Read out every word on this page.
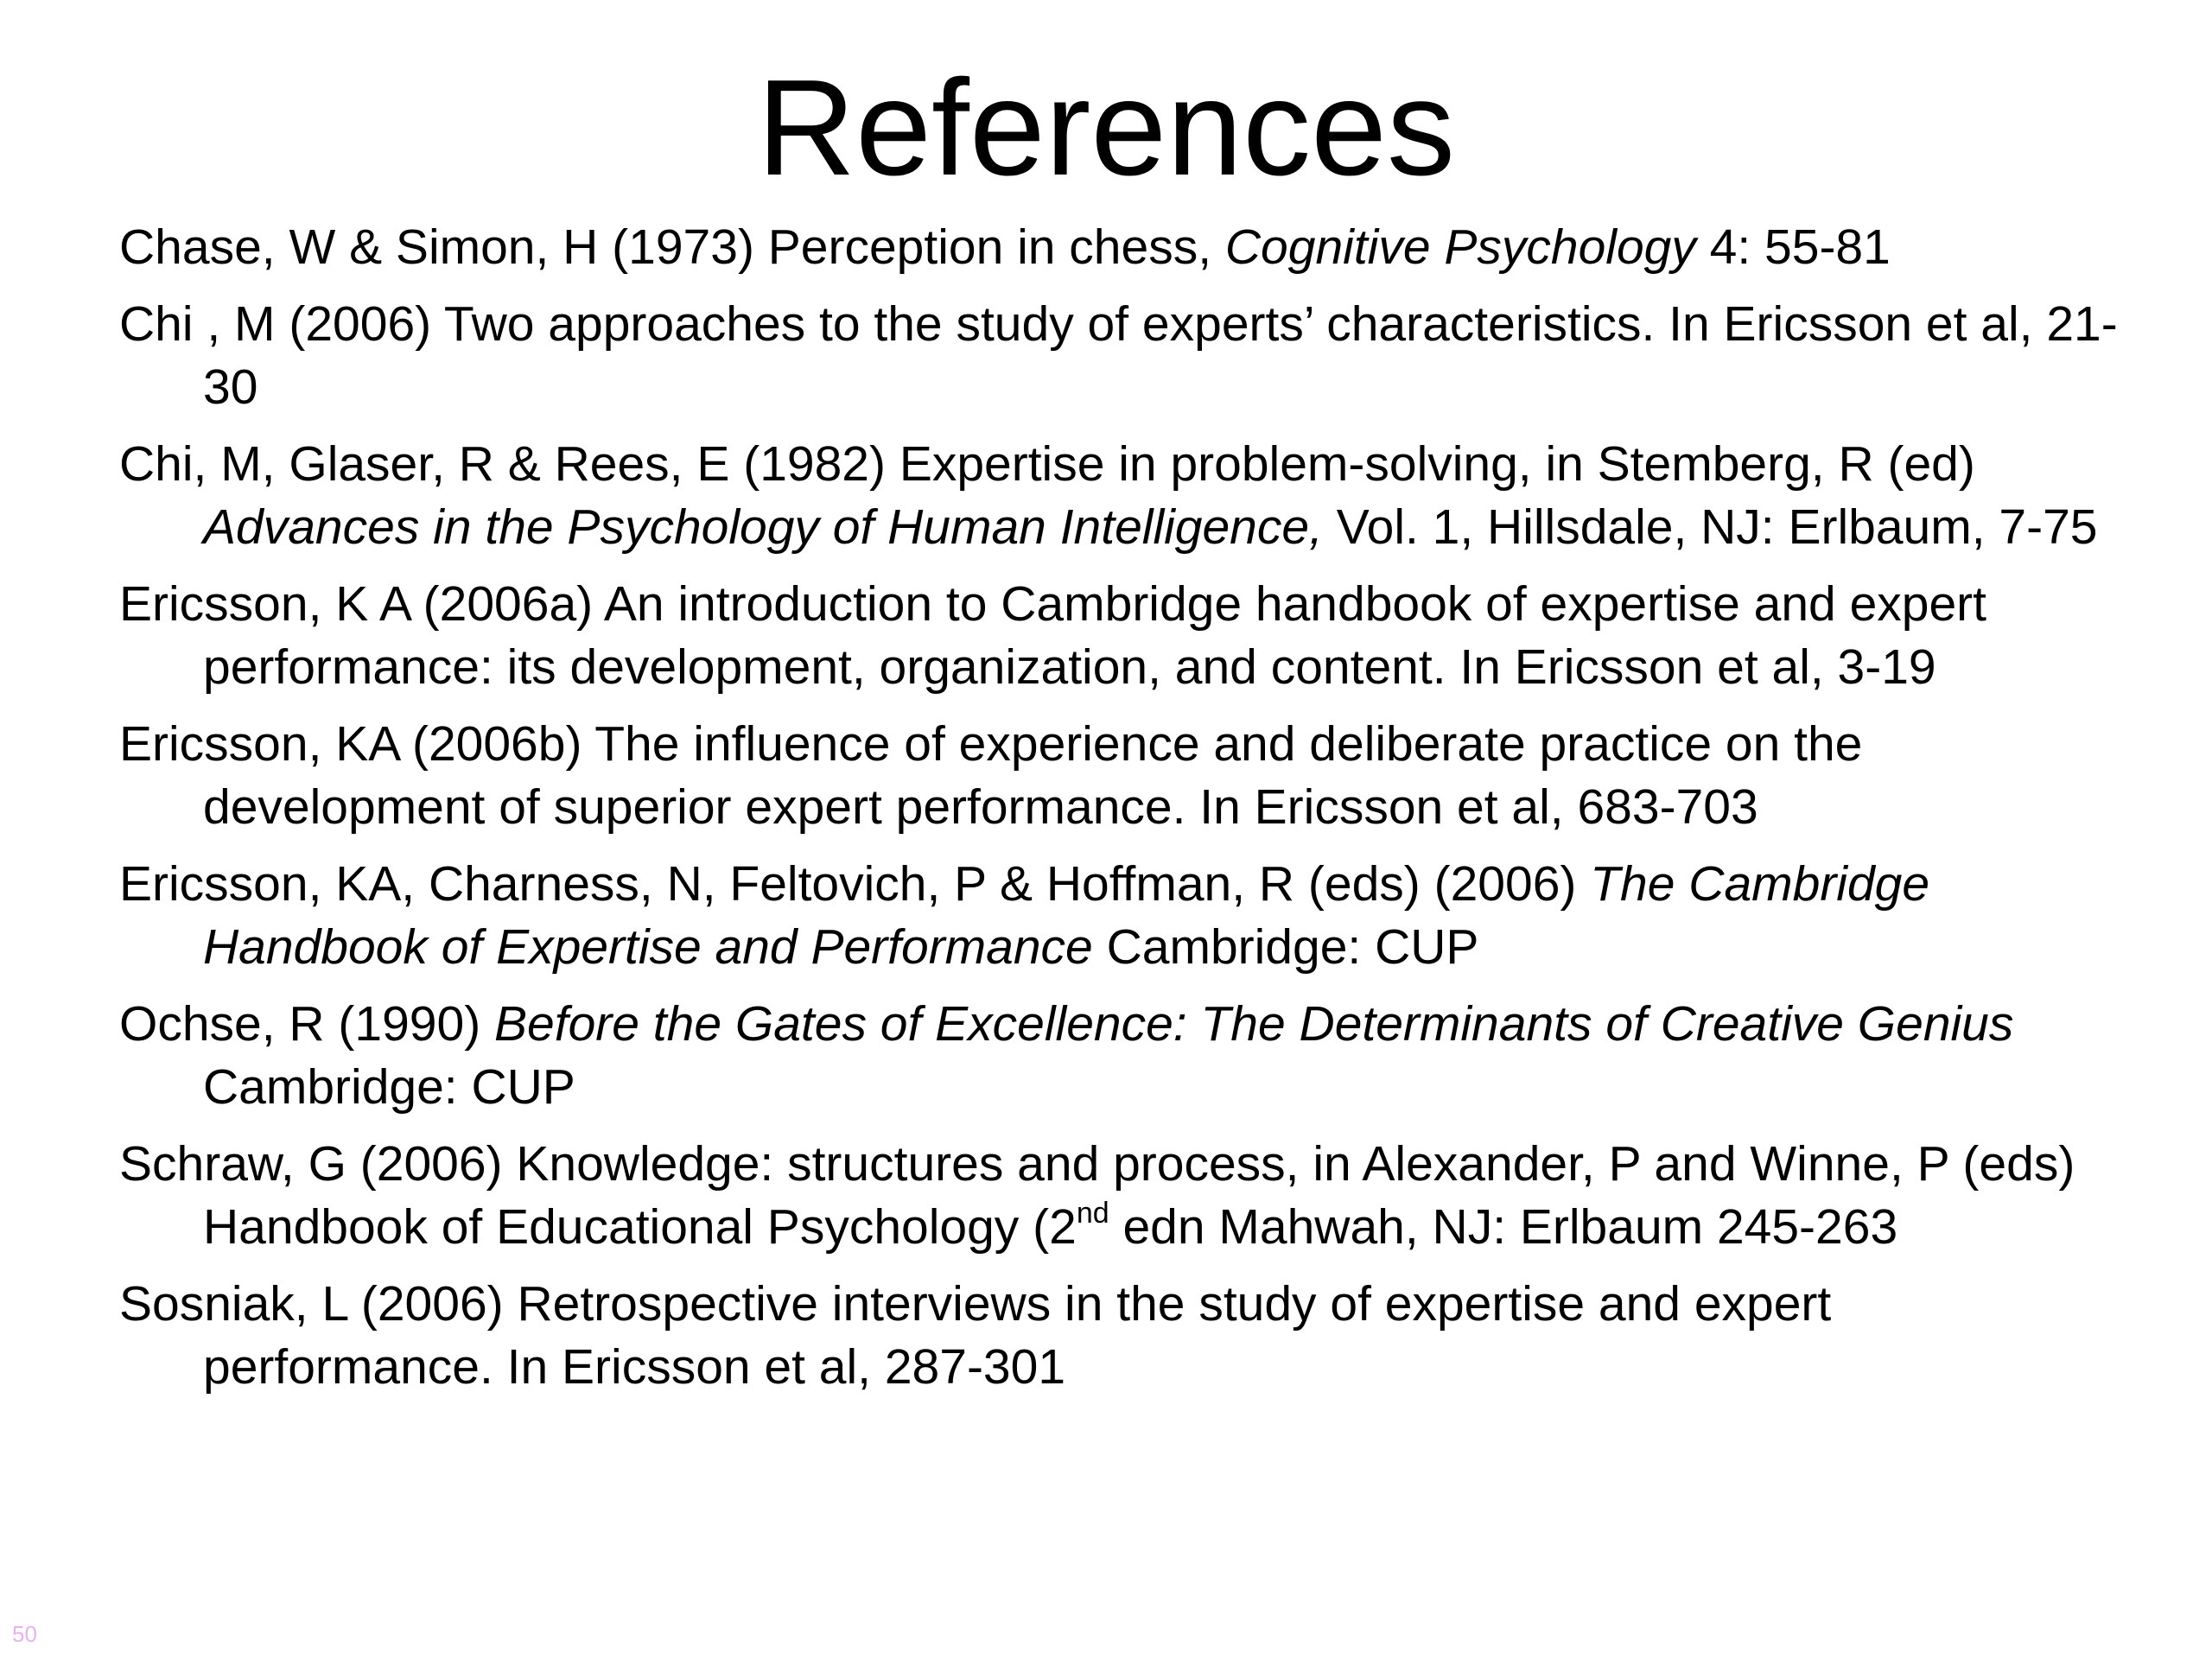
References
Chase, W & Simon, H (1973) Perception in chess, Cognitive Psychology 4: 55-81
Chi , M (2006) Two approaches to the study of experts’ characteristics. In Ericsson et al, 21-30
Chi, M, Glaser, R & Rees, E (1982) Expertise in problem-solving, in Stemberg, R (ed) Advances in the Psychology of Human Intelligence, Vol. 1, Hillsdale, NJ: Erlbaum, 7-75
Ericsson, K A (2006a) An introduction to Cambridge handbook of expertise and expert performance: its development, organization, and content. In Ericsson et al, 3-19
Ericsson, KA (2006b) The influence of experience and deliberate practice on the development of superior expert performance. In Ericsson et al, 683-703
Ericsson, KA, Charness, N, Feltovich, P & Hoffman, R (eds) (2006) The Cambridge Handbook of Expertise and Performance Cambridge: CUP
Ochse, R (1990) Before the Gates of Excellence: The Determinants of Creative Genius Cambridge: CUP
Schraw, G (2006) Knowledge: structures and process, in Alexander, P and Winne, P (eds) Handbook of Educational Psychology (2nd edn Mahwah, NJ: Erlbaum 245-263
Sosniak, L (2006) Retrospective interviews in the study of expertise and expert performance. In Ericsson et al, 287-301
50
